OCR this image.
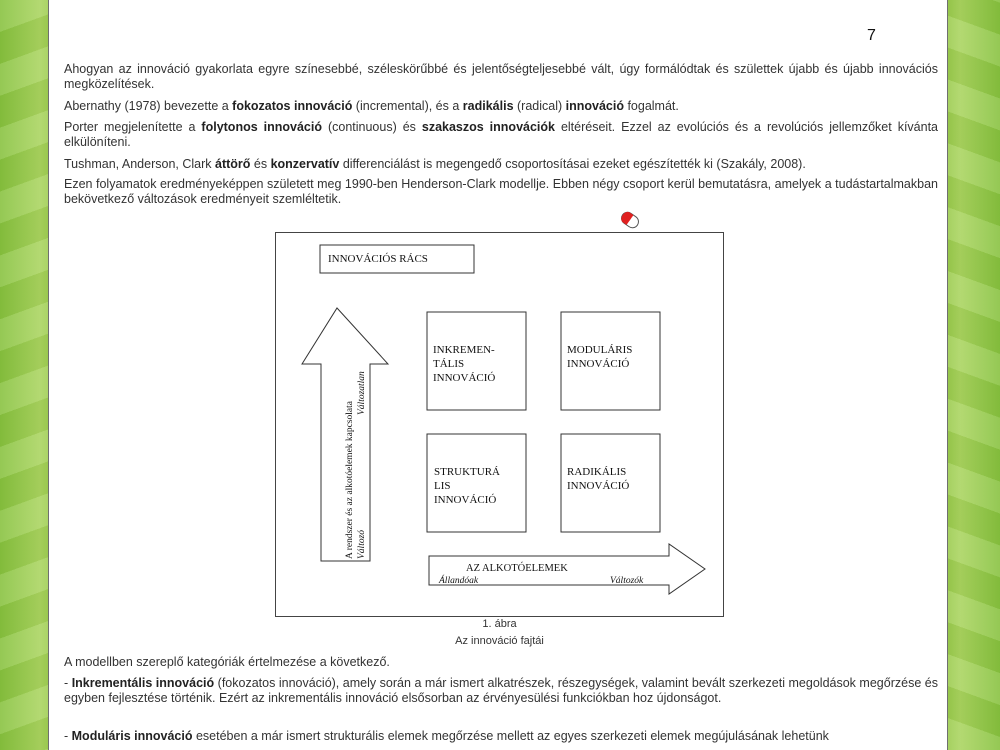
7

Ahogyan az innováció gyakorlata egyre színesebbé, széleskörűbbé és jelentőségteljesebbé vált, úgy formálódtak és születtek újabb és újabb innovációs megközelítések.

Abernathy (1978) bevezette a fokozatos innováció (incremental), és a radikális (radical) innováció fogalmát.

Porter megjelenítette a folytonos innováció (continuous) és szakaszos innovációk eltéréseit. Ezzel az evolúciós és a revolúciós jellemzőket kívánta elkülöníteni.

Tushman, Anderson, Clark áttörő és konzervatív differenciálást is megengedő csoportosításai ezeket egészítették ki (Szakály, 2008).

Ezen folyamatok eredményeképpen született meg 1990-ben Henderson-Clark modellje. Ebben négy csoport kerül bemutatásra, amelyek a tudástartalmakban bekövetkező változások eredményeit szemléltetik.

INNOVÁCIÓS RÁCS
A rendszer és az alkotóelemek kapcsolata Változó
Változatlan
INKREMEN- TÁLIS INNOVÁCIÓ
MODULÁRIS INNOVÁCIÓ
STRUKTURÁ LIS INNOVÁCIÓ
RADIKÁLIS INNOVÁCIÓ
AZ ALKOTÓELEMEK
Állandóak	Változók
1. ábra
Az innováció fajtái

A modellben szereplő kategóriák értelmezése a következő.

- Inkrementális innováció (fokozatos innováció), amely során a már ismert alkatrészek, részegységek, valamint bevált szerkezeti megoldások megőrzése és egyben fejlesztése történik. Ezért az inkrementális innováció elsősorban az érvényesülési funkciókban hoz újdonságot.

- Moduláris innováció esetében a már ismert strukturális elemek megőrzése mellett az egyes szerkezeti elemek megújulásának lehetünk
